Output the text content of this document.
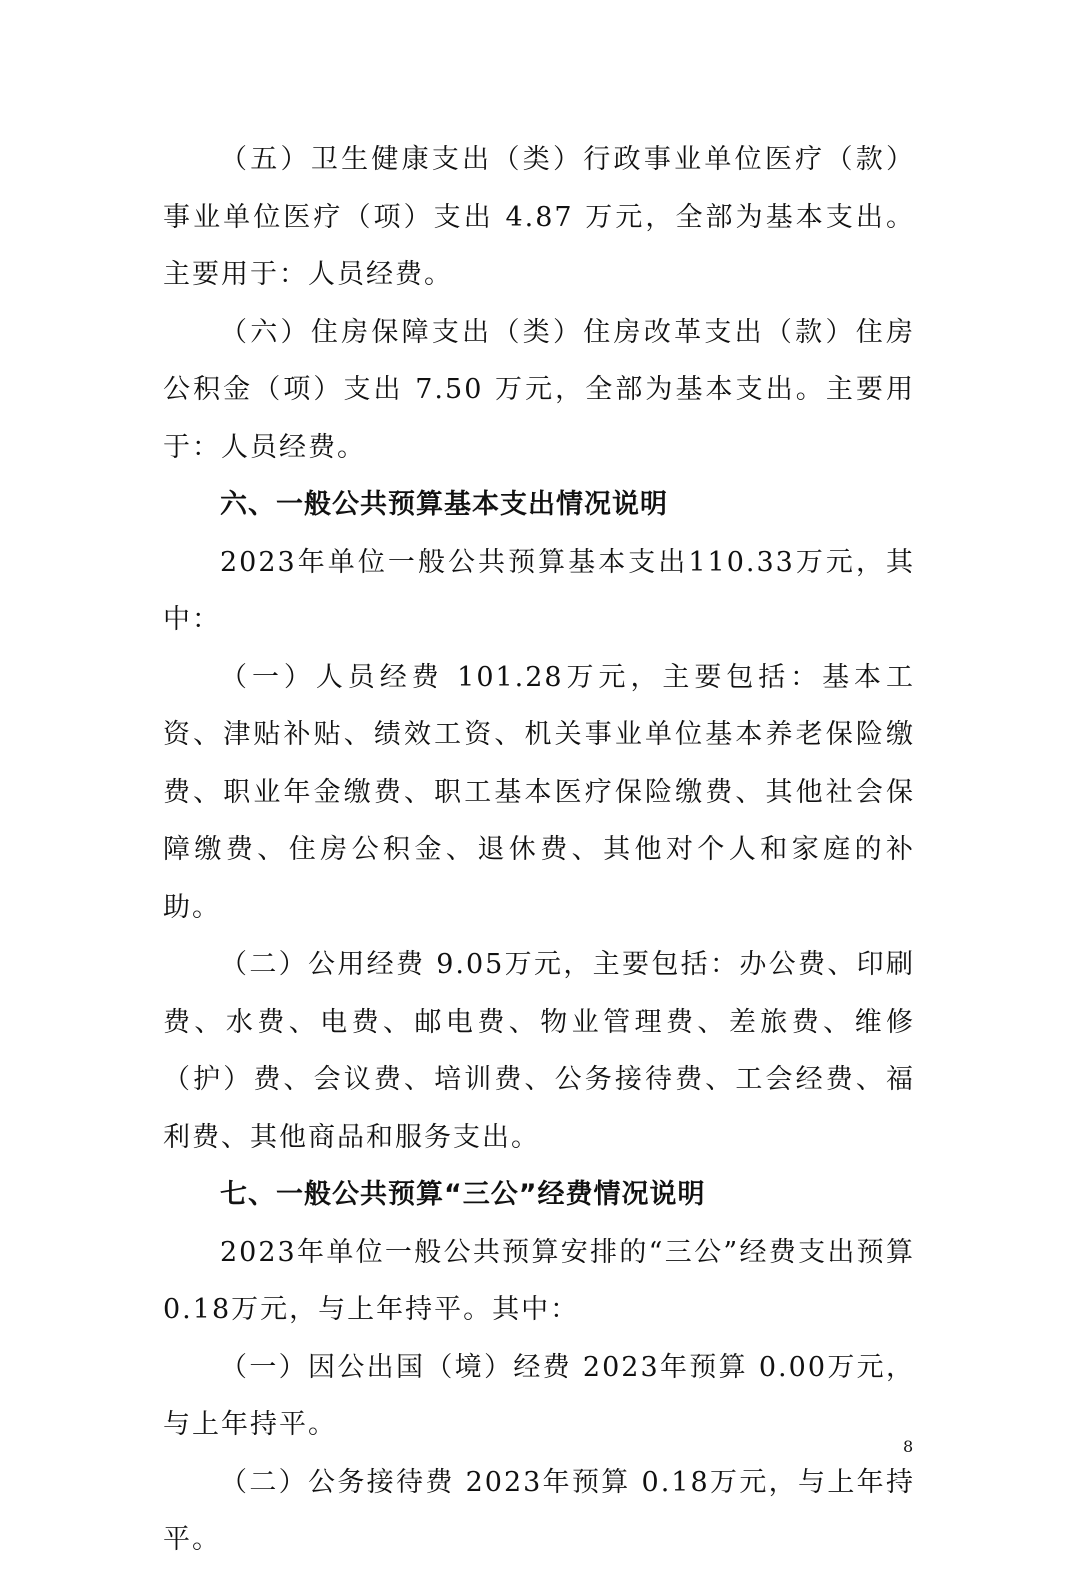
（五）卫生健康支出（类）行政事业单位医疗（款）事业单位医疗（项）支出 4.87 万元，全部为基本支出。主要用于：人员经费。

（六）住房保障支出（类）住房改革支出（款）住房公积金（项）支出 7.50 万元，全部为基本支出。主要用于：人员经费。

六、一般公共预算基本支出情况说明

2023年单位一般公共预算基本支出110.33万元，其中：

（一）人员经费 101.28万元，主要包括：基本工资、津贴补贴、绩效工资、机关事业单位基本养老保险缴费、职业年金缴费、职工基本医疗保险缴费、其他社会保障缴费、住房公积金、退休费、其他对个人和家庭的补助。

（二）公用经费 9.05万元，主要包括：办公费、印刷费、水费、电费、邮电费、物业管理费、差旅费、维修（护）费、会议费、培训费、公务接待费、工会经费、福利费、其他商品和服务支出。

七、一般公共预算“三公”经费情况说明

2023年单位一般公共预算安排的“三公”经费支出预算0.18万元，与上年持平。其中：

（一）因公出国（境）经费 2023年预算 0.00万元，与上年持平。

（二）公务接待费 2023年预算 0.18万元，与上年持平。

8
